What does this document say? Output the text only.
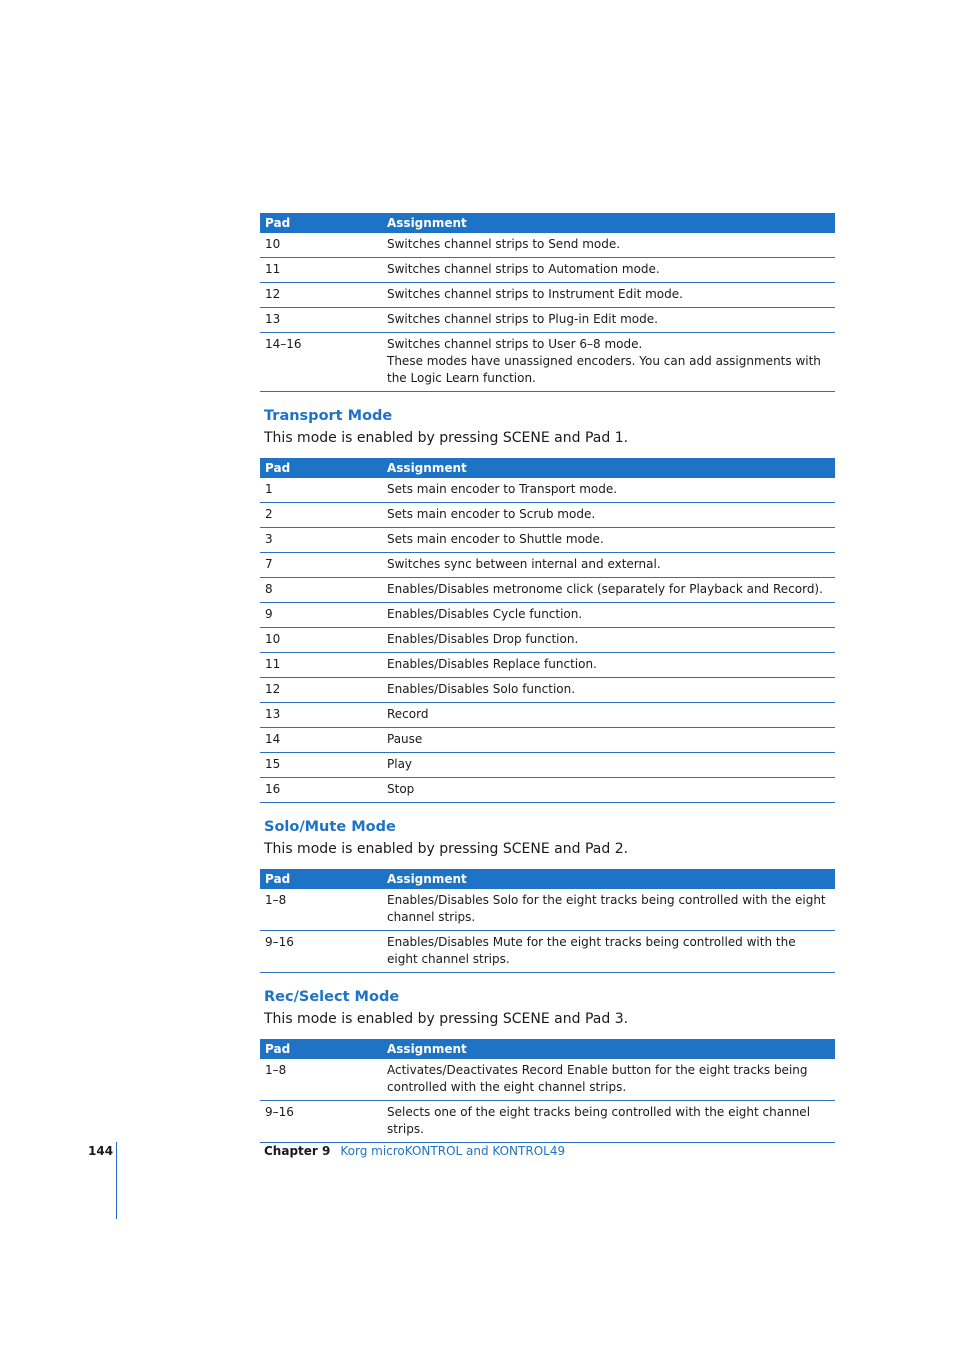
Pad	Assignment
10	Switches channel strips to Send mode.
11	Switches channel strips to Automation mode.
12	Switches channel strips to Instrument Edit mode.
13	Switches channel strips to Plug-in Edit mode.
14–16	Switches channel strips to User 6–8 mode.
These modes have unassigned encoders. You can add assignments with the Logic Learn function.
Transport Mode
This mode is enabled by pressing SCENE and Pad 1.
Pad	Assignment
1	Sets main encoder to Transport mode.
2	Sets main encoder to Scrub mode.
3	Sets main encoder to Shuttle mode.
7	Switches sync between internal and external.
8	Enables/Disables metronome click (separately for Playback and Record).
9	Enables/Disables Cycle function.
10	Enables/Disables Drop function.
11	Enables/Disables Replace function.
12	Enables/Disables Solo function.
13	Record
14	Pause
15	Play
16	Stop
Solo/Mute Mode
This mode is enabled by pressing SCENE and Pad 2.
Pad	Assignment
1–8	Enables/Disables Solo for the eight tracks being controlled with the eight channel strips.
9–16	Enables/Disables Mute for the eight tracks being controlled with the eight channel strips.
Rec/Select Mode
This mode is enabled by pressing SCENE and Pad 3.
Pad	Assignment
1–8	Activates/Deactivates Record Enable button for the eight tracks being controlled with the eight channel strips.
9–16	Selects one of the eight tracks being controlled with the eight channel strips.
144	Chapter 9 Korg microKONTROL and KONTROL49
